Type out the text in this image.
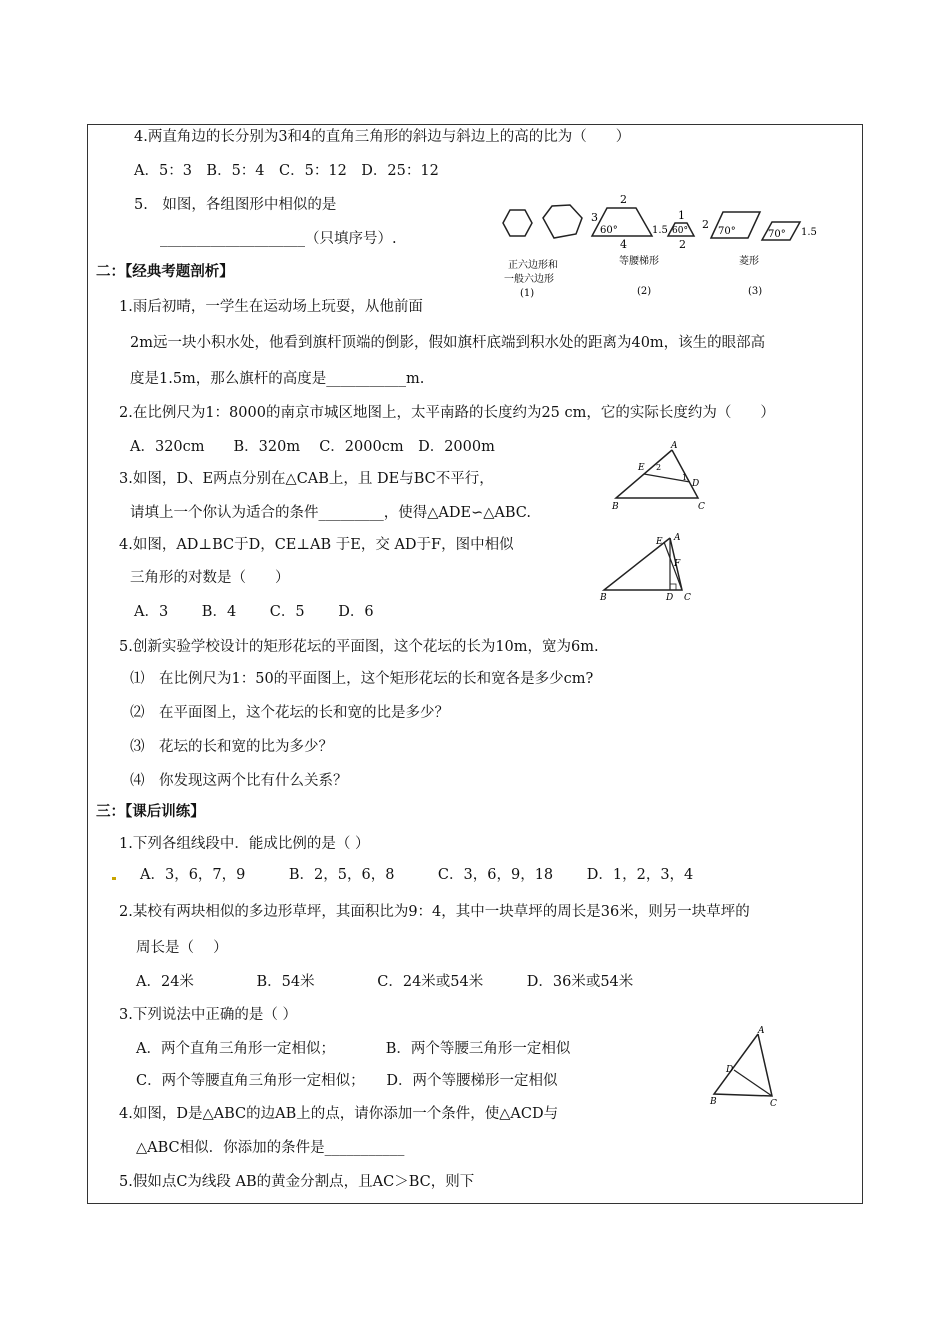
4.两直角边的长分别为3和4的直角三角形的斜边与斜边上的高的比为（　　）
A．5：3　B．5：4　C．5：12　D．25：12
5.　如图，各组图形中相似的是
____________________（只填序号）.
2
3
4
60°
1
1.5
2
60° 2
70°	70° 1.5
正六边形和
一般六边形
(1)
等腰梯形
(2)
菱形
(3)
二：【经典考题剖析】
1.雨后初晴，一学生在运动场上玩耍，从他前面
2m远一块小积水处，他看到旗杆顶端的倒影，假如旗杆底端到积水处的距离为40m，该生的眼部高
度是1.5m，那么旗杆的高度是___________m.
2.在比例尺为1：8000的南京市城区地图上，太平南路的长度约为25 cm，它的实际长度约为（　　）
A．320cm　　B．320m　 C．2000cm　D．2000m
3.如图，D、E两点分别在△CAB上，且 DE与BC不平行，
请填上一个你认为适合的条件_________，使得△ADE∽△ABC.
A
E 2
1
D
B	C
4.如图，AD⊥BC于D，CE⊥AB 于E，交 AD于F，图中相似
三角形的对数是（　　）
A．3　　 B．4　　 C．5　　 D．6
E A
F
B	D C
5.创新实验学校设计的矩形花坛的平面图，这个花坛的长为10m，宽为6m.
⑴　在比例尺为1：50的平面图上，这个矩形花坛的长和宽各是多少cm?
⑵　在平面图上，这个花坛的长和宽的比是多少？
⑶　花坛的长和宽的比为多少？
⑷　你发现这两个比有什么关系？
三：【课后训练】
1.下列各组线段中．能成比例的是（ ）
A．3，6，7，9　　　B．2，5，6，8　　　C．3，6，9，18　　 D．1，2，3，4
2.某校有两块相似的多边形草坪，其面积比为9：4，其中一块草坪的周长是36米，则另一块草坪的
周长是（　 ）
A．24米　　　　 B．54米　　　　 C．24米或54米　　　D．36米或54米
3.下列说法中正确的是（ ）
A．两个直角三角形一定相似；　　　　B．两个等腰三角形一定相似
C．两个等腰直角三角形一定相似；　　D．两个等腰梯形一定相似
4.如图，D是△ABC的边AB上的点，请你添加一个条件，使△ACD与
△ABC相似．你添加的条件是___________
5.假如点C为线段 AB的黄金分割点，且AC＞BC，则下
A
D
B	C
